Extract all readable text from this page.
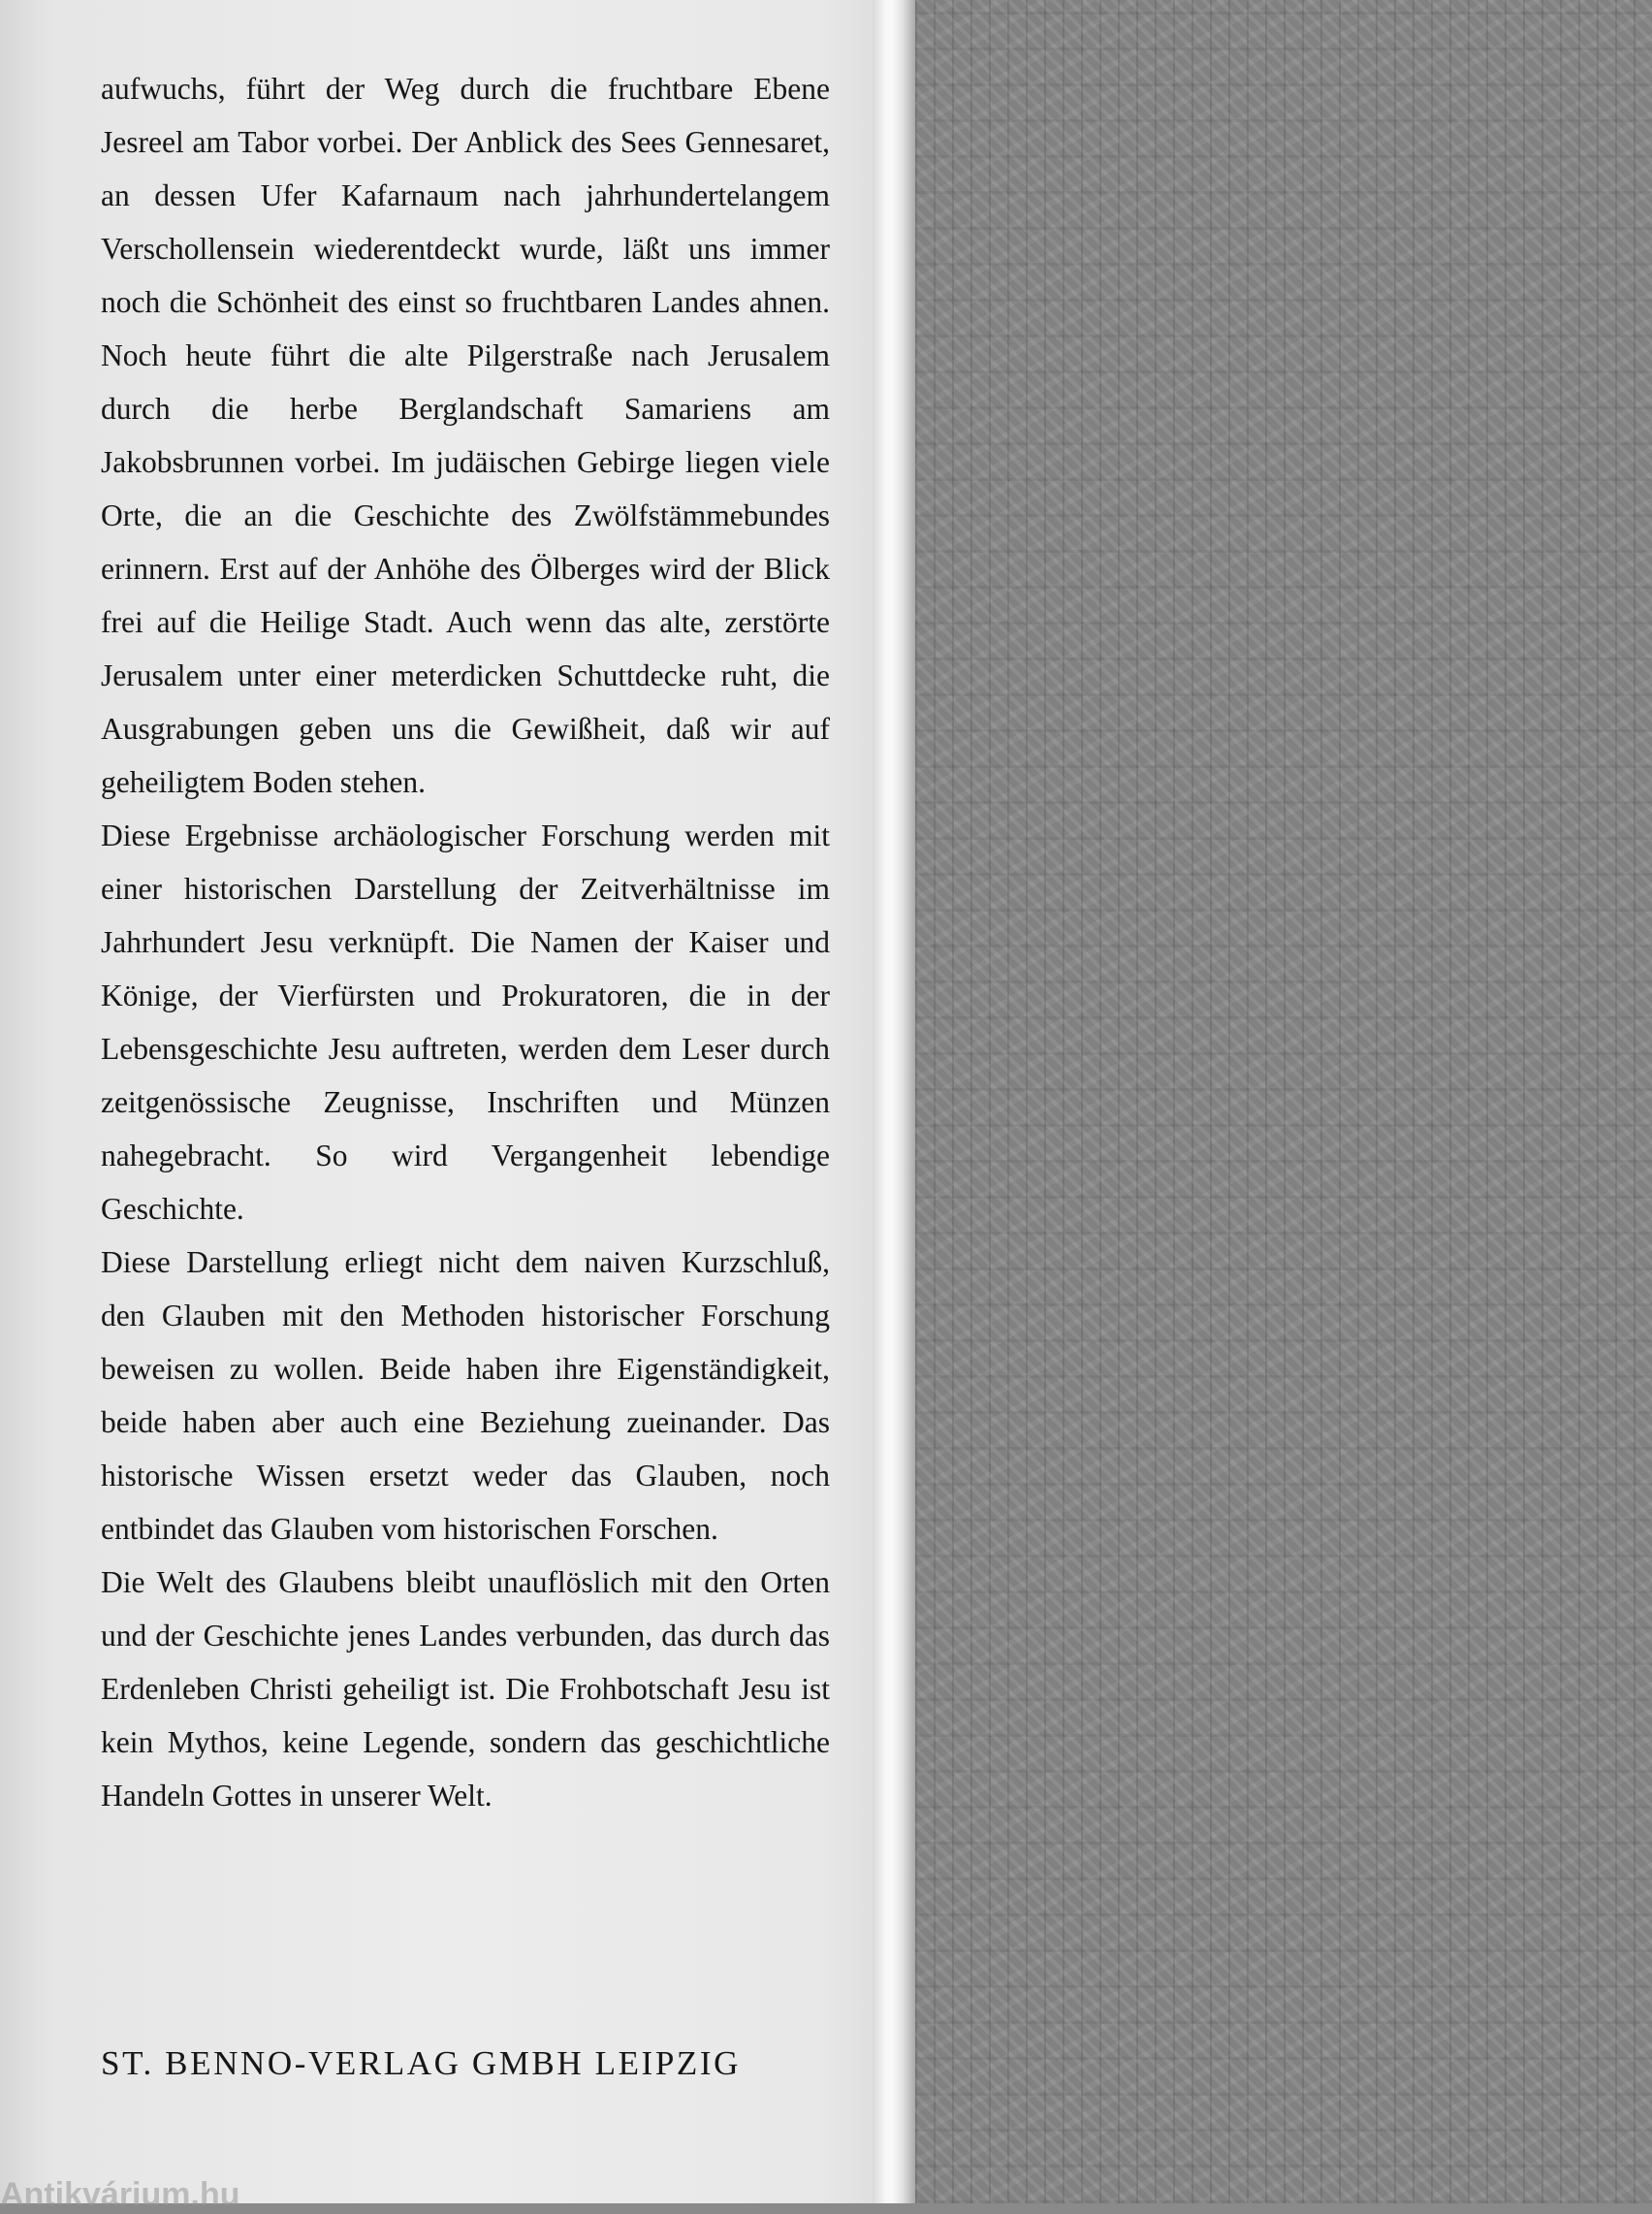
aufwuchs, führt der Weg durch die fruchtbare Ebene Jesreel am Tabor vorbei. Der Anblick des Sees Gennesaret, an dessen Ufer Kafarnaum nach jahrhundertelangem Verschollensein wiederentdeckt wurde, läßt uns immer noch die Schönheit des einst so fruchtbaren Landes ahnen. Noch heute führt die alte Pilgerstraße nach Jerusalem durch die herbe Berglandschaft Samariens am Jakobsbrunnen vorbei. Im judäischen Gebirge liegen viele Orte, die an die Geschichte des Zwölfstämmebundes erinnern. Erst auf der Anhöhe des Ölberges wird der Blick frei auf die Heilige Stadt. Auch wenn das alte, zerstörte Jerusalem unter einer meterdicken Schuttdecke ruht, die Ausgrabungen geben uns die Gewißheit, daß wir auf geheiligtem Boden stehen.

Diese Ergebnisse archäologischer Forschung werden mit einer historischen Darstellung der Zeitverhältnisse im Jahrhundert Jesu verknüpft. Die Namen der Kaiser und Könige, der Vierfürsten und Prokuratoren, die in der Lebensgeschichte Jesu auftreten, werden dem Leser durch zeitgenössische Zeugnisse, Inschriften und Münzen nahegebracht. So wird Vergangenheit lebendige Geschichte.

Diese Darstellung erliegt nicht dem naiven Kurzschluß, den Glauben mit den Methoden historischer Forschung beweisen zu wollen. Beide haben ihre Eigenständigkeit, beide haben aber auch eine Beziehung zueinander. Das historische Wissen ersetzt weder das Glauben, noch entbindet das Glauben vom historischen Forschen.

Die Welt des Glaubens bleibt unauflöslich mit den Orten und der Geschichte jenes Landes verbunden, das durch das Erdenleben Christi geheiligt ist. Die Frohbotschaft Jesu ist kein Mythos, keine Legende, sondern das geschichtliche Handeln Gottes in unserer Welt.

ST. BENNO-VERLAG GMBH LEIPZIG
Antikvárium.hu
